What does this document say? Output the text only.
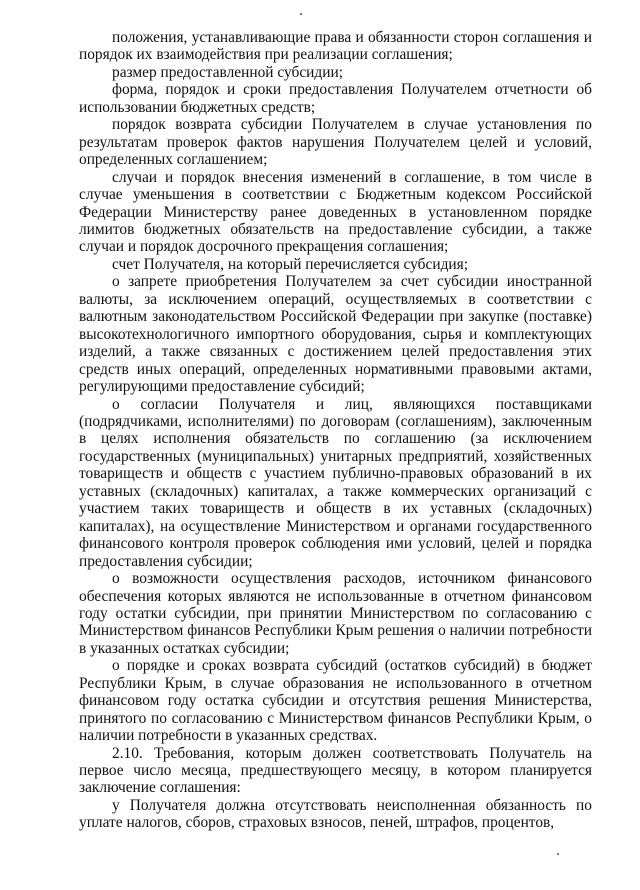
положения, устанавливающие права и обязанности сторон соглашения и порядок их взаимодействия при реализации соглашения;

размер предоставленной субсидии;

форма, порядок и сроки предоставления Получателем отчетности об использовании бюджетных средств;

порядок возврата субсидии Получателем в случае установления по результатам проверок фактов нарушения Получателем целей и условий, определенных соглашением;

случаи и порядок внесения изменений в соглашение, в том числе в случае уменьшения в соответствии с Бюджетным кодексом Российской Федерации Министерству ранее доведенных в установленном порядке лимитов бюджетных обязательств на предоставление субсидии, а также случаи и порядок досрочного прекращения соглашения;

счет Получателя, на который перечисляется субсидия;

о запрете приобретения Получателем за счет субсидии иностранной валюты, за исключением операций, осуществляемых в соответствии с валютным законодательством Российской Федерации при закупке (поставке) высокотехнологичного импортного оборудования, сырья и комплектующих изделий, а также связанных с достижением целей предоставления этих средств иных операций, определенных нормативными правовыми актами, регулирующими предоставление субсидий;

о согласии Получателя и лиц, являющихся поставщиками (подрядчиками, исполнителями) по договорам (соглашениям), заключенным в целях исполнения обязательств по соглашению (за исключением государственных (муниципальных) унитарных предприятий, хозяйственных товариществ и обществ с участием публично-правовых образований в их уставных (складочных) капиталах, а также коммерческих организаций с участием таких товариществ и обществ в их уставных (складочных) капиталах), на осуществление Министерством и органами государственного финансового контроля проверок соблюдения ими условий, целей и порядка предоставления субсидии;

о возможности осуществления расходов, источником финансового обеспечения которых являются не использованные в отчетном финансовом году остатки субсидии, при принятии Министерством по согласованию с Министерством финансов Республики Крым решения о наличии потребности в указанных остатках субсидии;

о порядке и сроках возврата субсидий (остатков субсидий) в бюджет Республики Крым, в случае образования не использованного в отчетном финансовом году остатка субсидии и отсутствия решения Министерства, принятого по согласованию с Министерством финансов Республики Крым, о наличии потребности в указанных средствах.

2.10. Требования, которым должен соответствовать Получатель на первое число месяца, предшествующего месяцу, в котором планируется заключение соглашения:

у Получателя должна отсутствовать неисполненная обязанность по уплате налогов, сборов, страховых взносов, пеней, штрафов, процентов,
